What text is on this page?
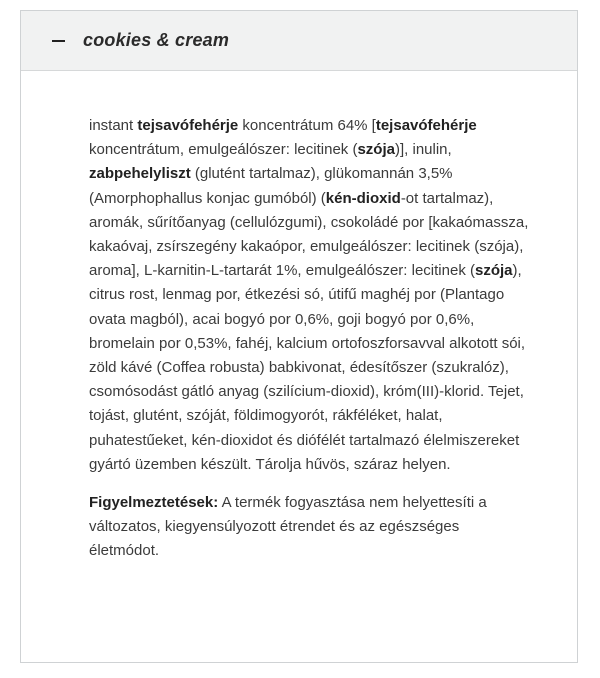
cookies & cream

instant tejsavófehérje koncentrátum 64% [tejsavófehérje koncentrátum, emulgeálószer: lecitinek (szója)], inulin, zabpehelyliszt (glutént tartalmaz), glükomannán 3,5% (Amorphophallus konjac gumóból) (kén-dioxid-ot tartalmaz), aromák, sűrítőanyag (cellulózgumi), csokoládé por [kakaómassza, kakaóvaj, zsírszegény kakaópor, emulgeálószer: lecitinek (szója), aroma], L-karnitin-L-tartarát 1%, emulgeálószer: lecitinek (szója), citrus rost, lenmag por, étkezési só, útifű maghéj por (Plantago ovata magból), acai bogyó por 0,6%, goji bogyó por 0,6%, bromelain por 0,53%, fahéj, kalcium ortofoszforsavval alkotott sói, zöld kávé (Coffea robusta) babkivonat, édesítőszer (szukralóz), csomósodást gátló anyag (szilícium-dioxid), króm(III)-klorid. Tejet, tojást, glutént, szóját, földimogyorót, rákféléket, halat, puhatestűeket, kén-dioxidot és diófélét tartalmazó élelmiszereket gyártó üzemben készült. Tárolja hűvös, száraz helyen.

Figyelmeztetések: A termék fogyasztása nem helyettesíti a változatos, kiegyensúlyozott étrendet és az egészséges életmódot.
